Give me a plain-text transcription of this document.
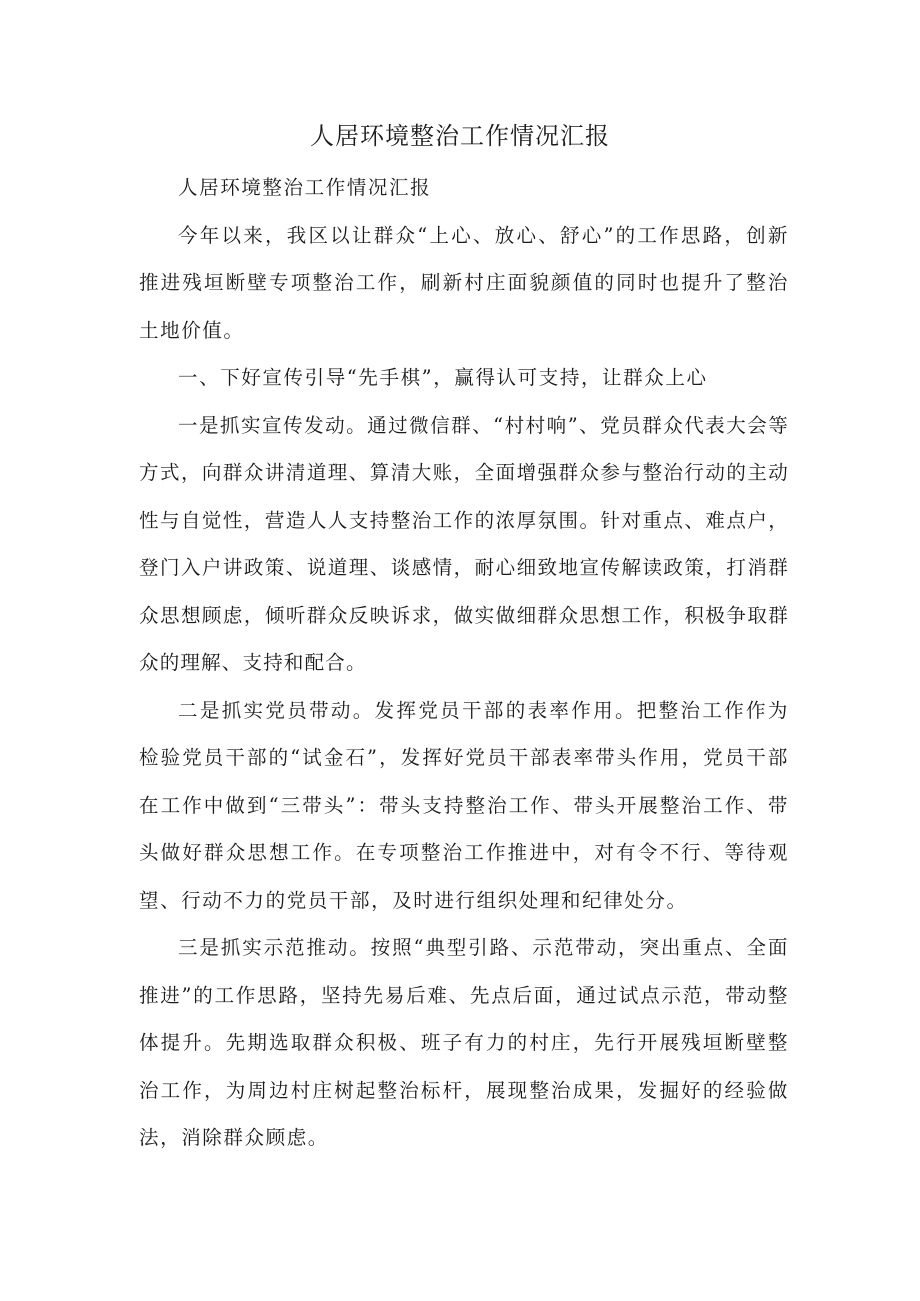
人居环境整治工作情况汇报

人居环境整治工作情况汇报

今年以来，我区以让群众“上心、放心、舒心”的工作思路，创新推进残垣断壁专项整治工作，刷新村庄面貌颜值的同时也提升了整治土地价值。

一、下好宣传引导“先手棋”，赢得认可支持，让群众上心

一是抓实宣传发动。通过微信群、“村村响”、党员群众代表大会等方式，向群众讲清道理、算清大账，全面增强群众参与整治行动的主动性与自觉性，营造人人支持整治工作的浓厚氛围。针对重点、难点户，登门入户讲政策、说道理、谈感情，耐心细致地宣传解读政策，打消群众思想顾虑，倾听群众反映诉求，做实做细群众思想工作，积极争取群众的理解、支持和配合。

二是抓实党员带动。发挥党员干部的表率作用。把整治工作作为检验党员干部的“试金石”，发挥好党员干部表率带头作用，党员干部在工作中做到“三带头”：带头支持整治工作、带头开展整治工作、带头做好群众思想工作。在专项整治工作推进中，对有令不行、等待观望、行动不力的党员干部，及时进行组织处理和纪律处分。

三是抓实示范推动。按照“典型引路、示范带动，突出重点、全面推进”的工作思路，坚持先易后难、先点后面，通过试点示范，带动整体提升。先期选取群众积极、班子有力的村庄，先行开展残垣断壁整治工作，为周边村庄树起整治标杆，展现整治成果，发掘好的经验做法，消除群众顾虑。
